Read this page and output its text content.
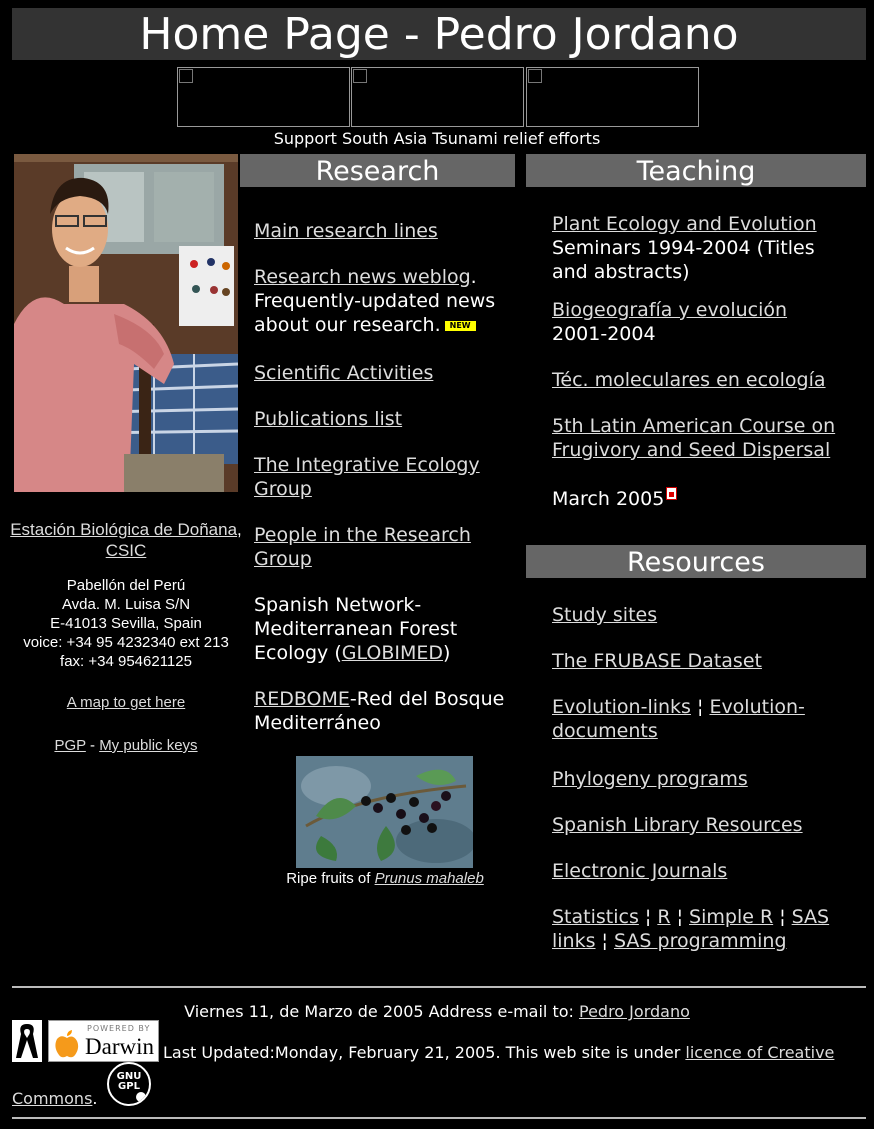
Home Page - Pedro Jordano
Support South Asia Tsunami relief efforts
Estación Biológica de Doñana, CSIC
Pabellón del Perú
Avda. M. Luisa S/N
E-41013 Sevilla, Spain
voice: +34 95 4232340 ext 213
fax: +34 954621125
A map to get here
PGP - My public keys
Research
Main research lines
Research news weblog. Frequently-updated news about our research. NEW
Scientific Activities
Publications list
The Integrative Ecology Group
People in the Research Group
Spanish Network-Mediterranean Forest Ecology (GLOBIMED)
REDBOME-Red del Bosque Mediterráneo
Ripe fruits of Prunus mahaleb
Teaching
Plant Ecology and Evolution
Seminars 1994-2004 (Titles and abstracts)
Biogeografía y evolución
2001-2004
Téc. moleculares en ecología
5th Latin American Course on Frugivory and Seed Dispersal
March 2005
Resources
Study sites
The FRUBASE Dataset
Evolution-links ¦ Evolution-documents
Phylogeny programs
Spanish Library Resources
Electronic Journals
Statistics ¦ R ¦ Simple R ¦ SAS links ¦ SAS programming
Viernes 11, de Marzo de 2005 Address e-mail to: Pedro Jordano
POWERED BY
Darwin Last Updated:Monday, February 21, 2005. This web site is under licence of Creative
Commons.
GNU GPL
